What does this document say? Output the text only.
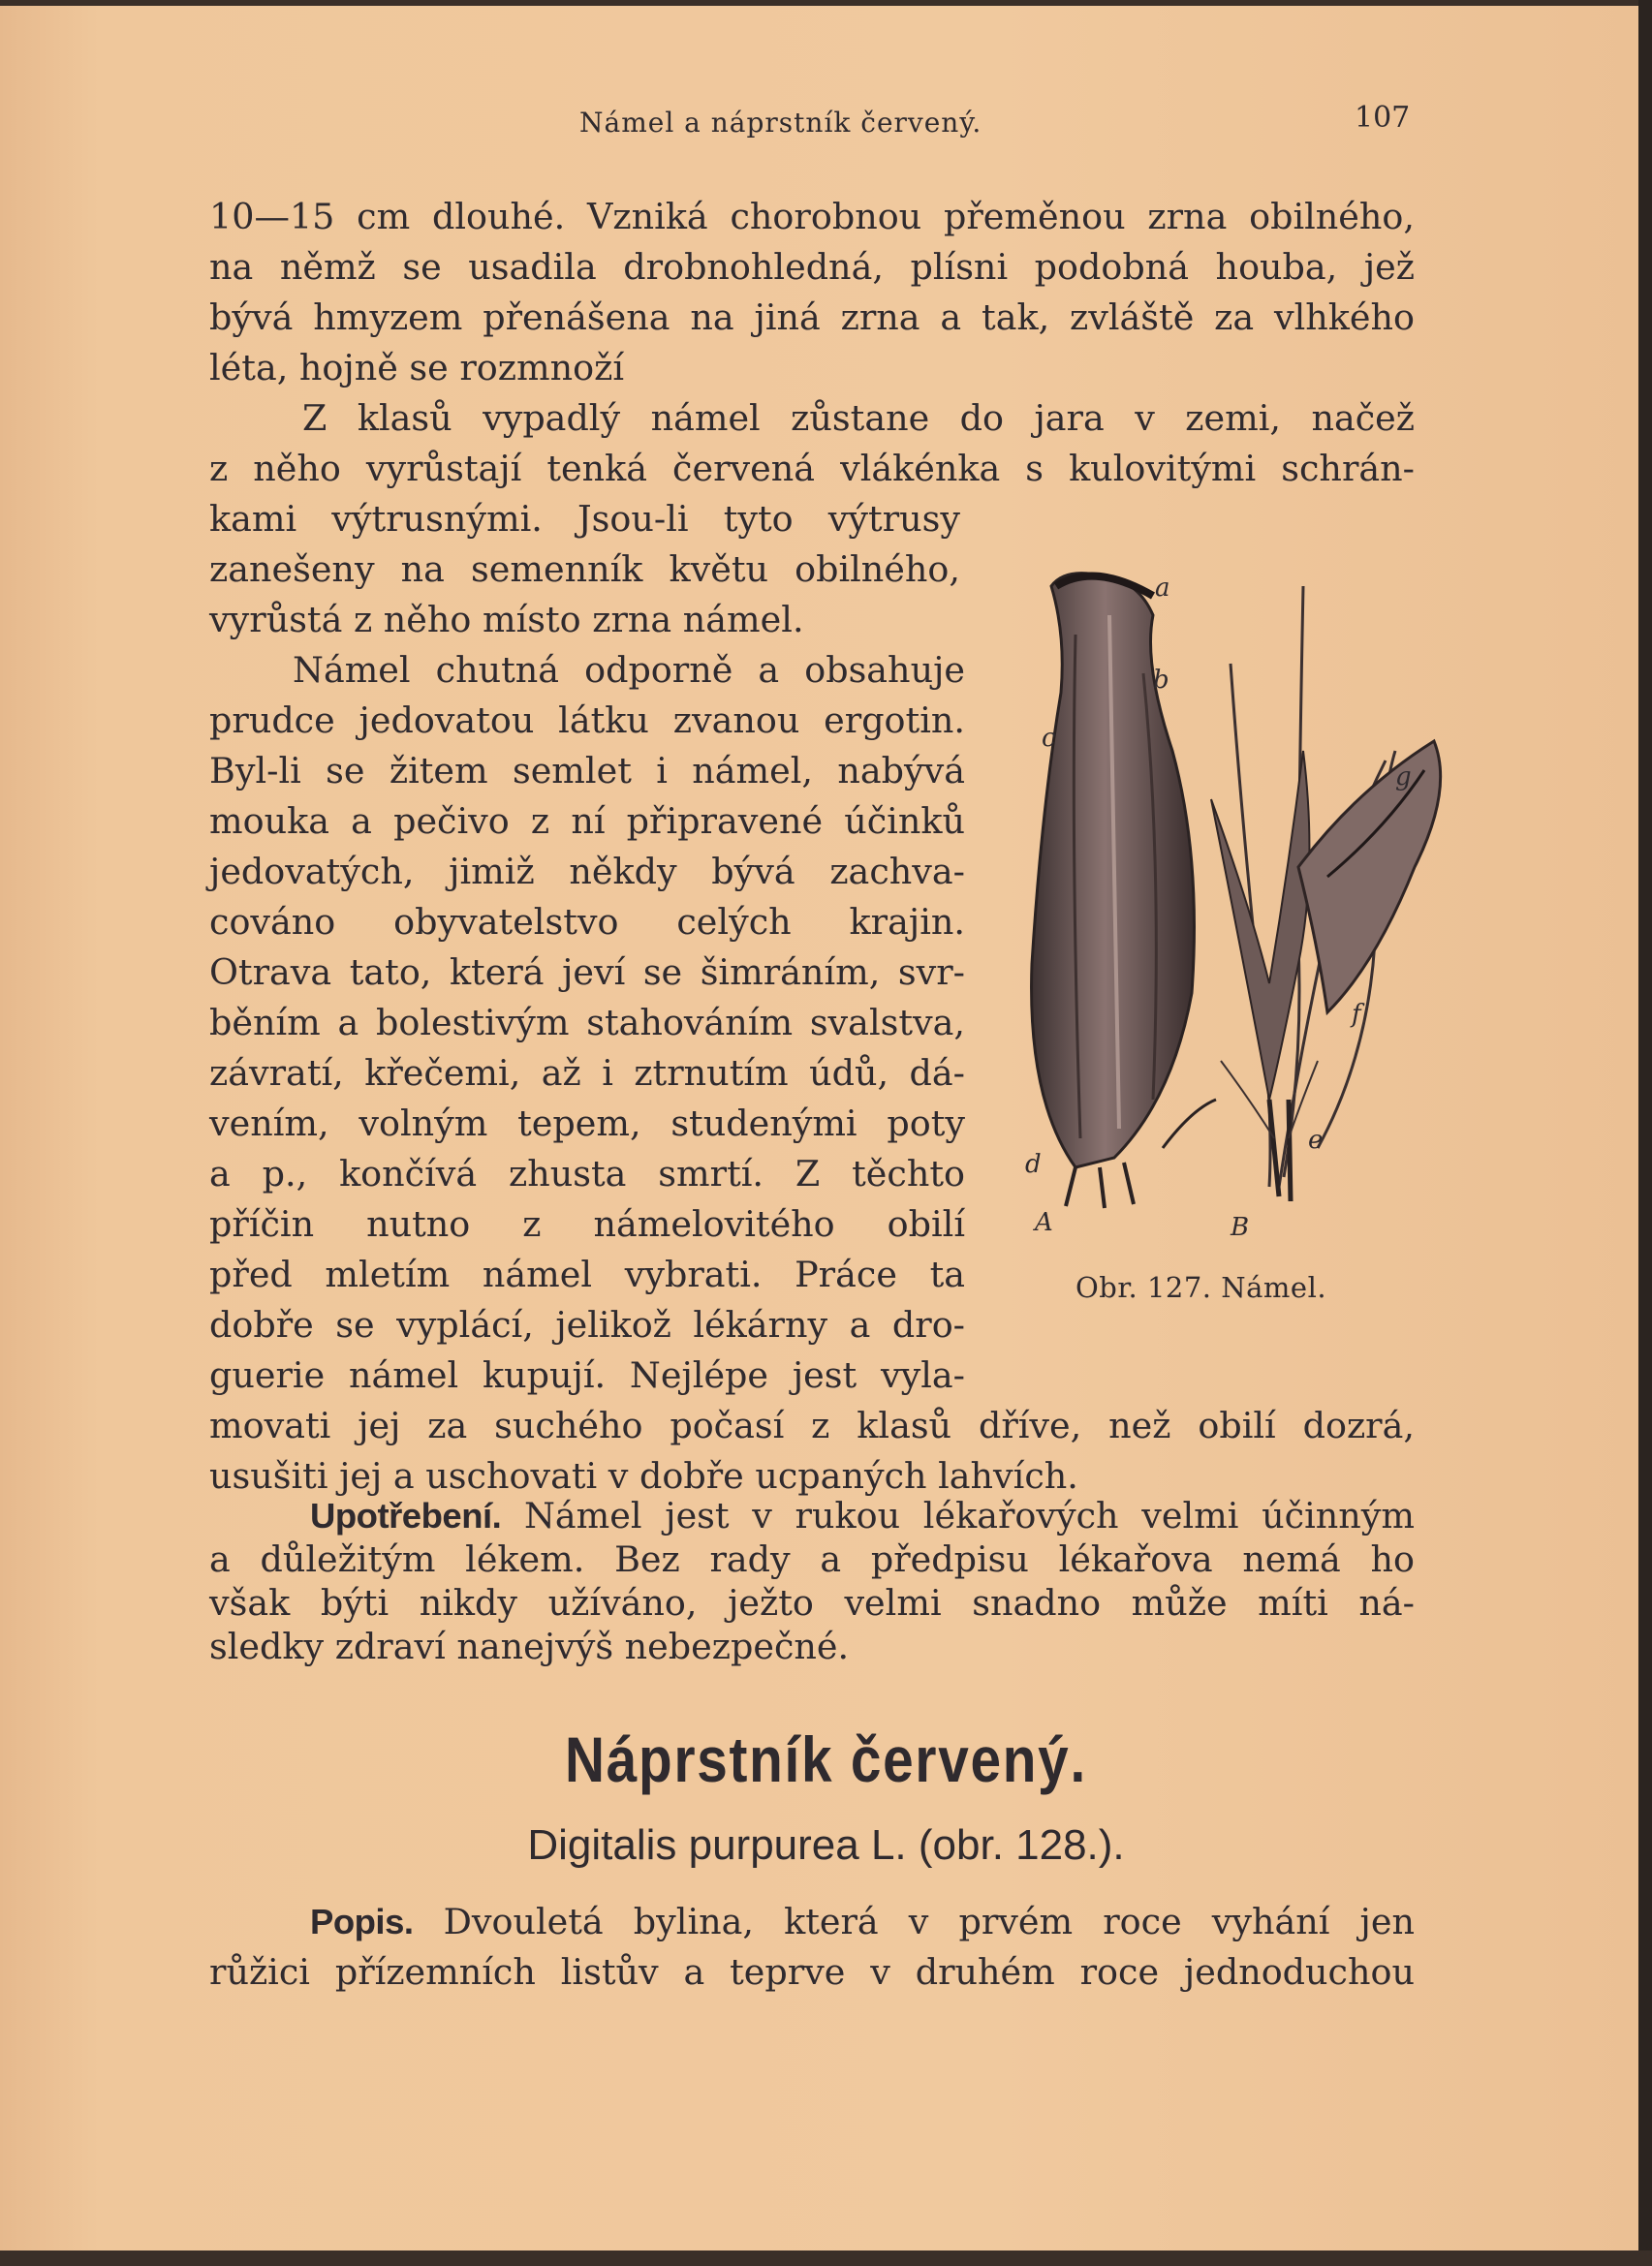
Námel a náprstník červený.	107

10—15 cm dlouhé. Vzniká chorobnou přeměnou zrna obilného,
na němž se usadila drobnohledná, plísni podobná houba, jež
bývá hmyzem přenášena na jiná zrna a tak, zvláště za vlhkého
léta, hojně se rozmnoží

Z klasů vypadlý námel zůstane do jara v zemi, načež
z něho vyrůstají tenká červená vlákénka s kulovitými schrán-

kami výtrusnými. Jsou-li tyto výtrusy
zanešeny na semenník květu obilného,
vyrůstá z něho místo zrna námel.

Námel chutná odporně a obsahuje
prudce jedovatou látku zvanou ergotin.
Byl-li se žitem semlet i námel, nabývá
mouka a pečivo z ní připravené účinků
jedovatých, jimiž někdy bývá zachva-
cováno obyvatelstvo celých krajin.
Otrava tato, která jeví se šimráním, svr-
běním a bolestivým stahováním svalstva,
závratí, křečemi, až i ztrnutím údů, dá-
vením, volným tepem, studenými poty
a p., končívá zhusta smrtí. Z těchto
příčin nutno z námelovitého obilí
před mletím námel vybrati. Práce ta
dobře se vyplácí, jelikož lékárny a dro-
guerie námel kupují. Nejlépe jest vyla-

movati jej za suchého počasí z klasů dříve, než obilí dozrá,
usušiti jej a uschovati v dobře ucpaných lahvích.

Upotřebení. Námel jest v rukou lékařových velmi účinným
a důležitým lékem. Bez rady a předpisu lékařova nemá ho
však býti nikdy užíváno, ježto velmi snadno může míti ná-
sledky zdraví nanejvýš nebezpečné.

a
b
c
d
A	B
e
f
g
Obr. 127. Námel.
Náprstník červený.
Digitalis purpurea L. (obr. 128.).

Popis. Dvouletá bylina, která v prvém roce vyhání jen
růžici přízemních listův a teprve v druhém roce jednoduchou
